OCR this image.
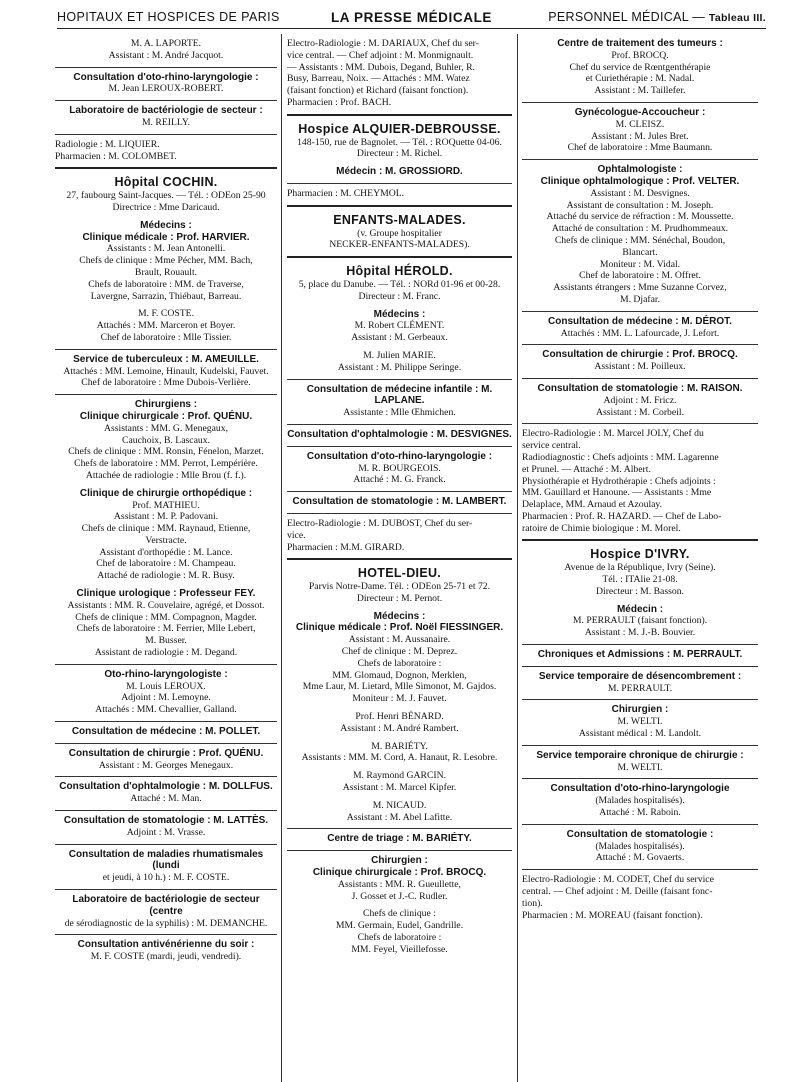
HOPITAUX ET HOSPICES DE PARIS	LA PRESSE MÉDICALE	PERSONNEL MÉDICAL — Tableau III.
M. A. LAPORTE.
Assistant : M. André Jacquot.
Consultation d'oto-rhino-laryngologie :
M. Jean LEROUX-ROBERT.
Laboratoire de bactériologie de secteur :
M. REILLY.
Radiologie : M. LIQUIER.
Pharmacien : M. COLOMBET.
Hôpital COCHIN.
27, faubourg Saint-Jacques. — Tél. : ODEon 25-90
Directrice : Mme Daricaud.
Médecins :
Clinique médicale : Prof. HARVIER.
Assistants : M. Jean Antonelli.
Chefs de clinique : Mme Pécher, MM. Bach,
Brault, Rouault.
Chefs de laboratoire : MM. de Traverse,
Lavergne, Sarrazin, Thiébaut, Barreau.
M. F. COSTE.
Attachés : MM. Marceron et Boyer.
Chef de laboratoire : Mlle Tissier.
Service de tuberculeux : M. AMEUILLE.
Attachés : MM. Lemoine, Hinault, Kudelski, Fauvet.
Chef de laboratoire : Mme Dubois-Verlière.
Chirurgiens :
Clinique chirurgicale : Prof. QUÉNU.
Assistants : MM. G. Menegaux,
Cauchoix, B. Lascaux.
Chefs de clinique : MM. Ronsin, Fénelon, Marzet.
Chefs de laboratoire : MM. Perrot, Lempérière.
Attachée de radiologie : Mlle Brou (f. f.).
Clinique de chirurgie orthopédique :
Prof. MATHIEU.
Assistant : M. P. Padovani.
Chefs de clinique : MM. Raynaud, Etienne,
Verstracte.
Assistant d'orthopédie : M. Lance.
Chef de laboratoire : M. Champeau.
Attaché de radiologie : M. R. Busy.
Clinique urologique : Professeur FEY.
Assistants : MM. R. Couvelaire, agrégé, et Dossot.
Chefs de clinique : MM. Compagnon, Magder.
Chefs de laboratoire : M. Ferrier, Mlle Lebert,
M. Busser.
Assistant de radiologie : M. Degand.
Oto-rhino-laryngologiste :
M. Louis LEROUX.
Adjoint : M. Lemoyne.
Attachés : MM. Chevallier, Galland.
Consultation de médecine : M. POLLET.
Consultation de chirurgie : Prof. QUÉNU.
Assistant : M. Georges Menegaux.
Consultation d'ophtalmologie : M. DOLLFUS.
Attaché : M. Man.
Consultation de stomatologie : M. LATTÈS.
Adjoint : M. Vrasse.
Consultation de maladies rhumatismales (lundi
et jeudi, à 10 h.) : M. F. COSTE.
Laboratoire de bactériologie de secteur (centre
de sérodiagnostic de la syphilis) : M. DEMANCHE.
Consultation antivénérienne du soir :
M. F. COSTE (mardi, jeudi, vendredi).
Electro-Radiologie : M. DARIAUX, Chef du ser-
vice central. — Chef adjoint : M. Monmignault.
— Assistants : MM. Dubois, Degand, Buhler, R.
Busy, Barreau, Noix. — Attachés : MM. Watez
(faisant fonction) et Richard (faisant fonction).
Pharmacien : Prof. BACH.
Hospice ALQUIER-DEBROUSSE.
148-150, rue de Bagnolet. — Tél. : ROQuette 04-06.
Directeur : M. Richel.
Médecin : M. GROSSIORD.
Pharmacien : M. CHEYMOL.
ENFANTS-MALADES.
(v. Groupe hospitalier
NECKER-ENFANTS-MALADES).
Hôpital HÉROLD.
5, place du Danube. — Tél. : NORd 01-96 et 00-28.
Directeur : M. Franc.
Médecins :
M. Robert CLÉMENT.
Assistant : M. Gerbeaux.
M. Julien MARIE.
Assistant : M. Philippe Seringe.
Consultation de médecine infantile : M. LAPLANE.
Assistante : Mlle Œhmichen.
Consultation d'ophtalmologie : M. DESVIGNES.
Consultation d'oto-rhino-laryngologie :
M. R. BOURGEOIS.
Attaché : M. G. Franck.
Consultation de stomatologie : M. LAMBERT.
Electro-Radiologie : M. DUBOST, Chef du ser-
vice.
Pharmacien : M.M. GIRARD.
HOTEL-DIEU.
Parvis Notre-Dame. Tél. : ODEon 25-71 et 72.
Directeur : M. Pernot.
Médecins :
Clinique médicale : Prof. Noël FIESSINGER.
Assistant : M. Aussanaire.
Chef de clinique : M. Deprez.
Chefs de laboratoire :
MM. Glomaud, Dognon, Merklen,
Mme Laur, M. Lietard, Mlle Simonot, M. Gajdos.
Moniteur : M. J. Fauvet.
Prof. Henri BÉNARD.
Assistant : M. André Rambert.
M. BARIÉTY.
Assistants : MM. M. Cord, A. Hanaut, R. Lesobre.
M. Raymond GARCIN.
Assistant : M. Marcel Kipfer.
M. NICAUD.
Assistant : M. Abel Lafitte.
Centre de triage : M. BARIÉTY.
Chirurgien :
Clinique chirurgicale : Prof. BROCQ.
Assistants : MM. R. Gueullette,
J. Gosset et J.-C. Rudler.
Chefs de clinique :
MM. Germain, Eudel, Gandrille.
Chefs de laboratoire :
MM. Feyel, Vieillefosse.
Centre de traitement des tumeurs :
Prof. BROCQ.
Chef du service de Rœntgenthérapie
et Curiethérapie : M. Nadal.
Assistant : M. Taillefer.
Gynécologue-Accoucheur :
M. CLEISZ.
Assistant : M. Jules Bret.
Chef de laboratoire : Mme Baumann.
Ophtalmologiste :
Clinique ophtalmologique : Prof. VELTER.
Assistant : M. Desvignes.
Assistant de consultation : M. Joseph.
Attaché du service de réfraction : M. Moussette.
Attaché de consultation : M. Prudhommeaux.
Chefs de clinique : MM. Sénéchal, Boudon,
Blancart.
Moniteur : M. Vidal.
Chef de laboratoire : M. Offret.
Assistants étrangers : Mme Suzanne Corvez,
M. Djafar.
Consultation de médecine : M. DÉROT.
Attachés : MM. L. Lafourcade, J. Lefort.
Consultation de chirurgie : Prof. BROCQ.
Assistant : M. Poilleux.
Consultation de stomatologie : M. RAISON.
Adjoint : M. Fricz.
Assistant : M. Corbeil.
Electro-Radiologie : M. Marcel JOLY, Chef du
service central.
Radiodiagnostic : Chefs adjoints : MM. Lagarenne
et Prunel. — Attaché : M. Albert.
Physiothérapie et Hydrothérapie : Chefs adjoints :
MM. Gauillard et Hanoune. — Assistants : Mme
Delaplace, MM. Arnaud et Azoulay.
Pharmacien : Prof. R. HAZARD. — Chef de Labo-
ratoire de Chimie biologique : M. Morel.
Hospice D'IVRY.
Avenue de la République, Ivry (Seine).
Tél. : ITAlie 21-08.
Directeur : M. Basson.
Médecin :
M. PERRAULT (faisant fonction).
Assistant : M. J.-B. Bouvier.
Chroniques et Admissions : M. PERRAULT.
Service temporaire de désencombrement :
M. PERRAULT.
Chirurgien :
M. WELTI.
Assistant médical : M. Landolt.
Service temporaire chronique de chirurgie :
M. WELTI.
Consultation d'oto-rhino-laryngologie
(Malades hospitalisés).
Attaché : M. Raboin.
Consultation de stomatologie :
(Malades hospitalisés).
Attaché : M. Govaerts.
Electro-Radiologie : M. CODET, Chef du service
central. — Chef adjoint : M. Deille (faisant fonc-
tion).
Pharmacien : M. MOREAU (faisant fonction).
